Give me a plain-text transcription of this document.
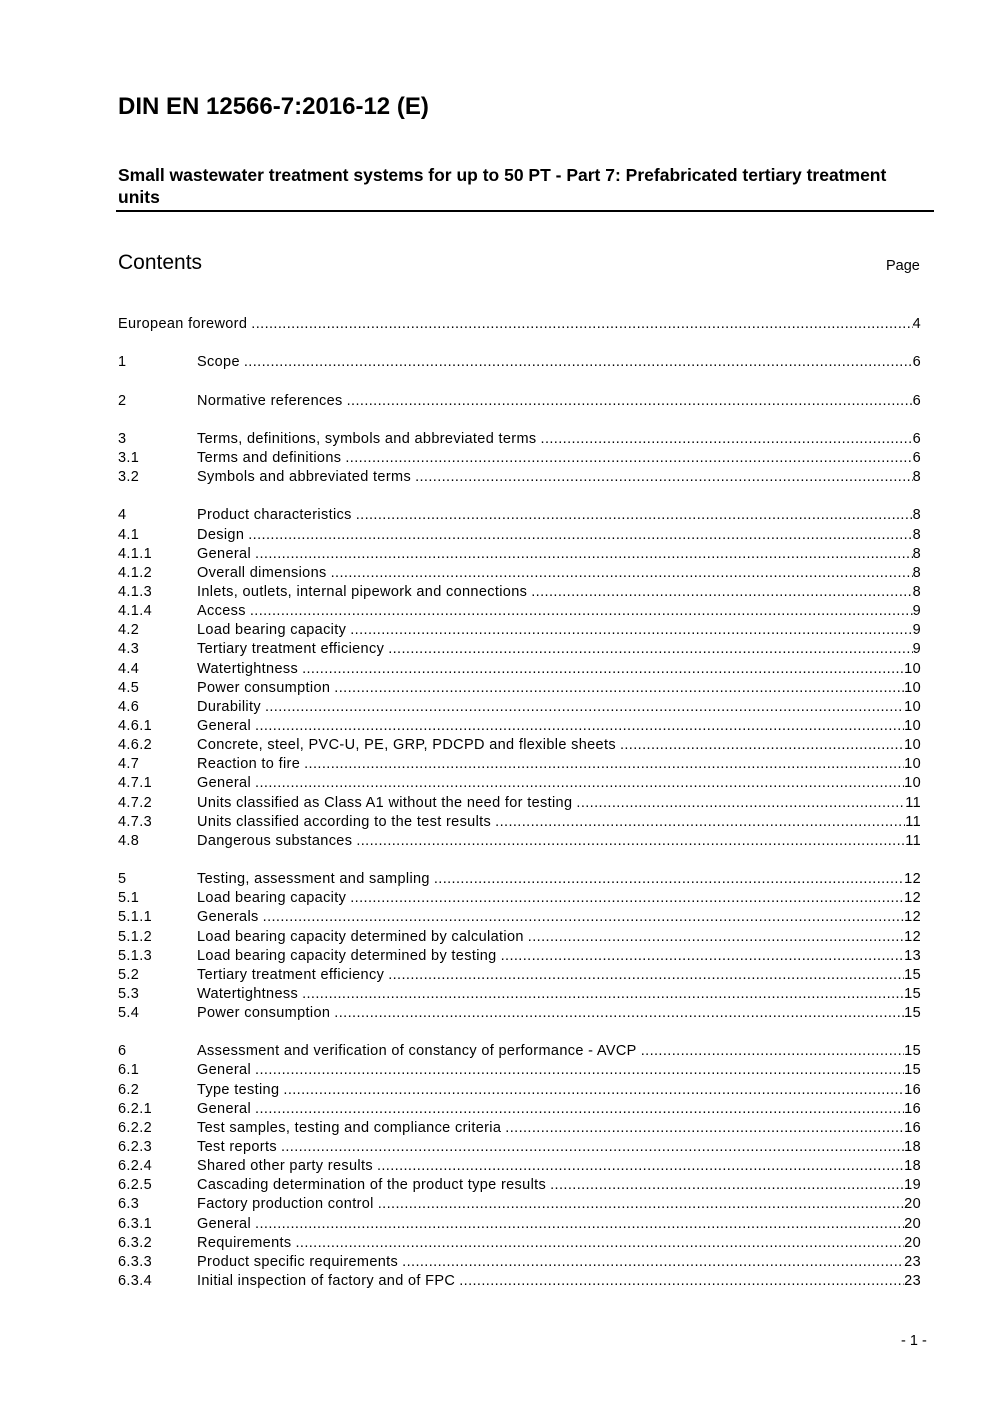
DIN EN 12566-7:2016-12 (E)
Small wastewater treatment systems for up to 50 PT - Part 7: Prefabricated tertiary treatment units
Contents	Page
European foreword .....	4
1	Scope .....	6
2	Normative references .....	6
3	Terms, definitions, symbols and abbreviated terms .....	6
3.1	Terms and definitions .....	6
3.2	Symbols and abbreviated terms .....	8
4	Product characteristics .....	8
4.1	Design .....	8
4.1.1	General .....	8
4.1.2	Overall dimensions .....	8
4.1.3	Inlets, outlets, internal pipework and connections .....	8
4.1.4	Access .....	9
4.2	Load bearing capacity .....	9
4.3	Tertiary treatment efficiency .....	9
4.4	Watertightness .....	10
4.5	Power consumption .....	10
4.6	Durability .....	10
4.6.1	General .....	10
4.6.2	Concrete, steel, PVC-U, PE, GRP, PDCPD and flexible sheets .....	10
4.7	Reaction to fire .....	10
4.7.1	General .....	10
4.7.2	Units classified as Class A1 without the need for testing .....	11
4.7.3	Units classified according to the test results .....	11
4.8	Dangerous substances .....	11
5	Testing, assessment and sampling .....	12
5.1	Load bearing capacity .....	12
5.1.1	Generals .....	12
5.1.2	Load bearing capacity determined by calculation .....	12
5.1.3	Load bearing capacity determined by testing .....	13
5.2	Tertiary treatment efficiency .....	15
5.3	Watertightness .....	15
5.4	Power consumption .....	15
6	Assessment and verification of constancy of performance - AVCP .....	15
6.1	General .....	15
6.2	Type testing .....	16
6.2.1	General .....	16
6.2.2	Test samples, testing and compliance criteria .....	16
6.2.3	Test reports .....	18
6.2.4	Shared other party results .....	18
6.2.5	Cascading determination of the product type results .....	19
6.3	Factory production control .....	20
6.3.1	General .....	20
6.3.2	Requirements .....	20
6.3.3	Product specific requirements .....	23
6.3.4	Initial inspection of factory and of FPC .....	23
- 1 -
